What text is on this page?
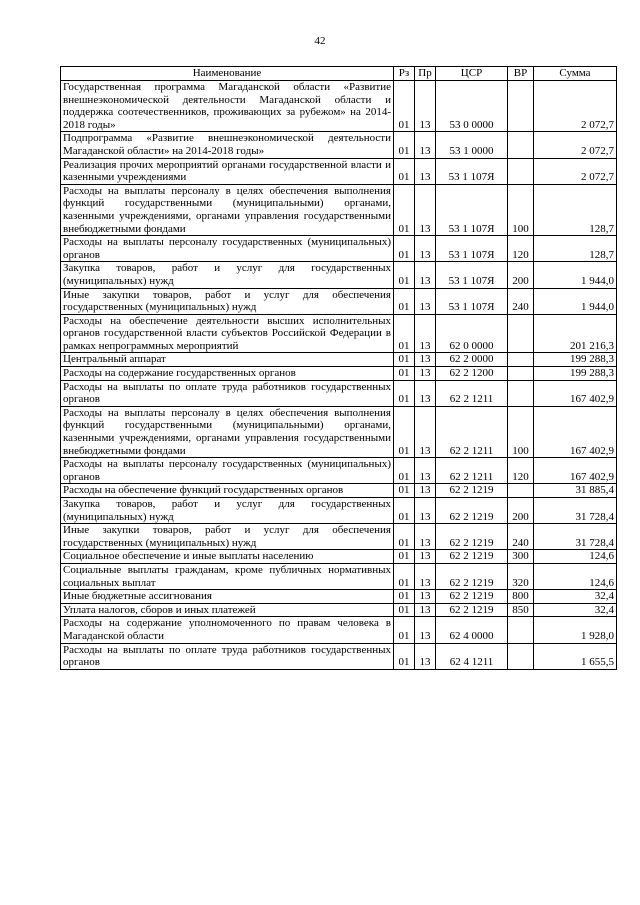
42
Наименование	Рз	Пр	ЦСР	ВР	Сумма
Государственная программа Магаданской области «Развитие внешнеэкономической деятельности Магаданской области и поддержка соотечественников, проживающих за рубежом» на 2014-2018 годы»	01	13	53 0 0000		2 072,7
Подпрограмма «Развитие внешнеэкономической деятельности Магаданской области» на 2014-2018 годы»	01	13	53 1 0000		2 072,7
Реализация прочих мероприятий органами государственной власти и казенными учреждениями	01	13	53 1 107Я		2 072,7
Расходы на выплаты персоналу в целях обеспечения выполнения функций государственными (муниципальными) органами, казенными учреждениями, органами управления государственными внебюджетными фондами	01	13	53 1 107Я	100	128,7
Расходы на выплаты персоналу государственных (муниципальных) органов	01	13	53 1 107Я	120	128,7
Закупка товаров, работ и услуг для государственных (муниципальных) нужд	01	13	53 1 107Я	200	1 944,0
Иные закупки товаров, работ и услуг для обеспечения государственных (муниципальных) нужд	01	13	53 1 107Я	240	1 944,0
Расходы на обеспечение деятельности высших исполнительных органов государственной власти субъектов Российской Федерации в рамках непрограммных мероприятий	01	13	62 0 0000		201 216,3
Центральный аппарат	01	13	62 2 0000		199 288,3
Расходы на содержание государственных органов	01	13	62 2 1200		199 288,3
Расходы на выплаты по оплате труда работников государственных органов	01	13	62 2 1211		167 402,9
Расходы на выплаты персоналу в целях обеспечения выполнения функций государственными (муниципальными) органами, казенными учреждениями, органами управления государственными внебюджетными фондами	01	13	62 2 1211	100	167 402,9
Расходы на выплаты персоналу государственных (муниципальных) органов	01	13	62 2 1211	120	167 402,9
Расходы на обеспечение функций государственных органов	01	13	62 2 1219		31 885,4
Закупка товаров, работ и услуг для государственных (муниципальных) нужд	01	13	62 2 1219	200	31 728,4
Иные закупки товаров, работ и услуг для обеспечения государственных (муниципальных) нужд	01	13	62 2 1219	240	31 728,4
Социальное обеспечение и иные выплаты населению	01	13	62 2 1219	300	124,6
Социальные выплаты гражданам, кроме публичных нормативных социальных выплат	01	13	62 2 1219	320	124,6
Иные бюджетные ассигнования	01	13	62 2 1219	800	32,4
Уплата налогов, сборов и иных платежей	01	13	62 2 1219	850	32,4
Расходы на содержание уполномоченного по правам человека в Магаданской области	01	13	62 4 0000		1 928,0
Расходы на выплаты по оплате труда работников государственных органов	01	13	62 4 1211		1 655,5
